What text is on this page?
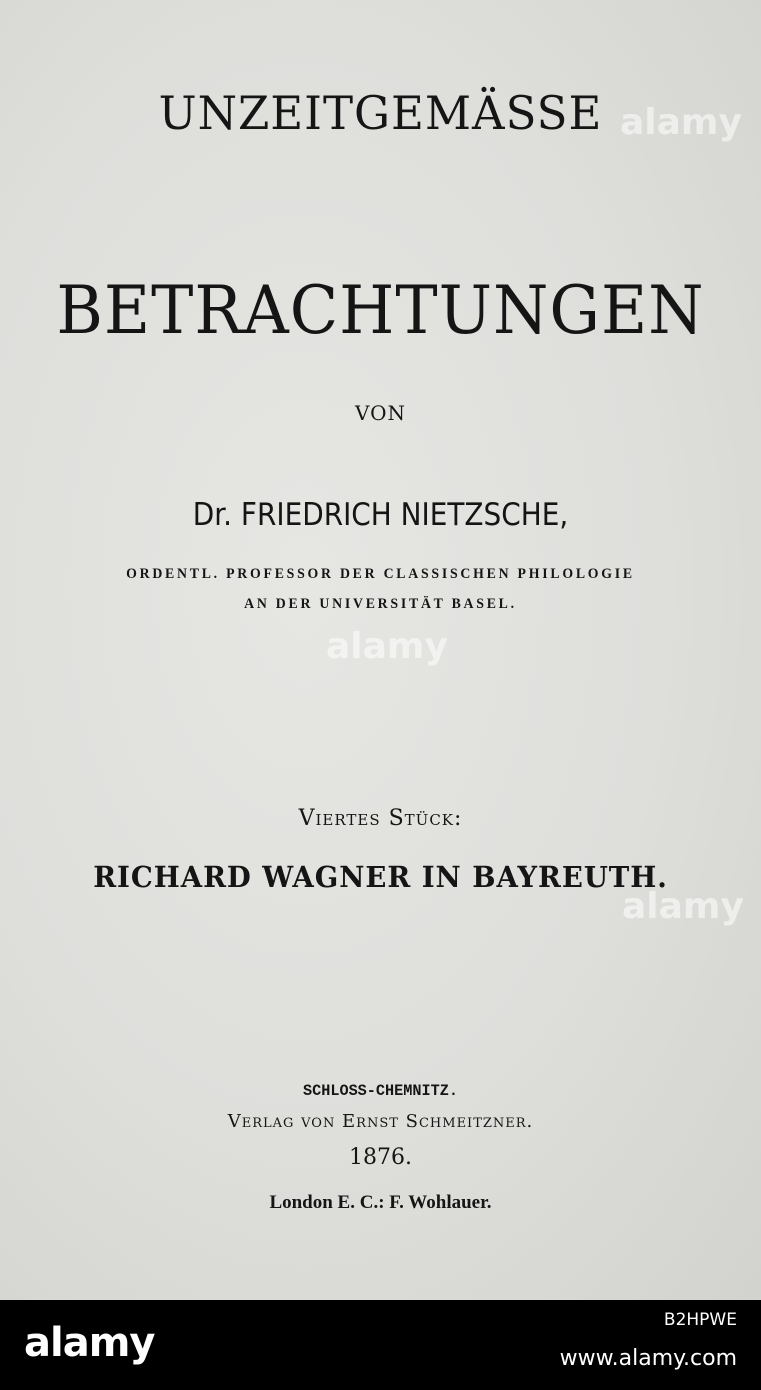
UNZEITGEMÄSSE

BETRACHTUNGEN

VON

Dr. FRIEDRICH NIETZSCHE,

ORDENTL. PROFESSOR DER CLASSISCHEN PHILOLOGIE

AN DER UNIVERSITÄT BASEL.

Viertes Stück:

RICHARD WAGNER IN BAYREUTH.

SCHLOSS-CHEMNITZ.

Verlag von Ernst Schmeitzner.

1876.

London E. C.: F. Wohlauer.

alamy

alamy

alamy

alamy	B2HPWE

www.alamy.com
